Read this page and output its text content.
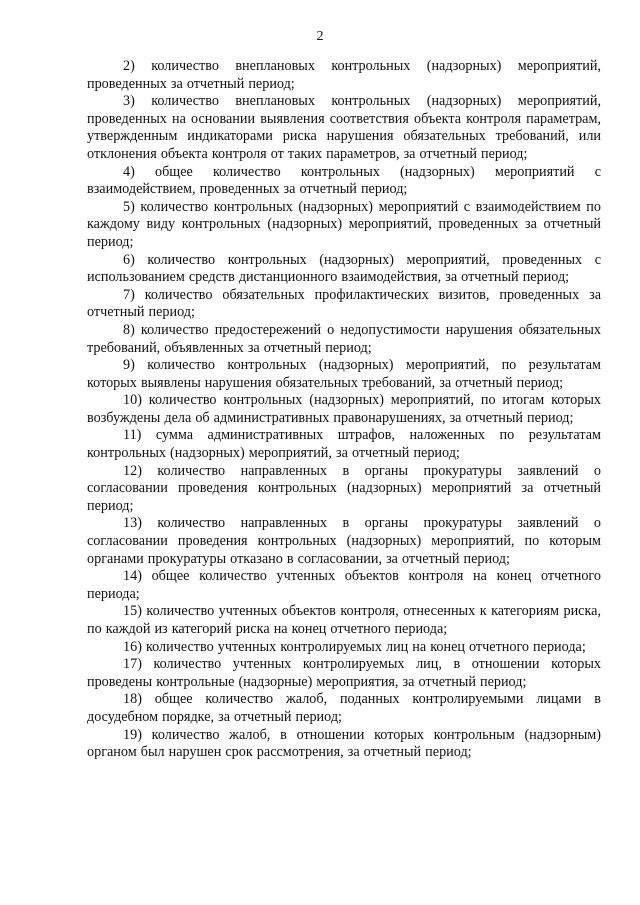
2

2) количество внеплановых контрольных (надзорных) мероприятий, проведенных за отчетный период;

3) количество внеплановых контрольных (надзорных) мероприятий, проведенных на основании выявления соответствия объекта контроля параметрам, утвержденным индикаторами риска нарушения обязательных требований, или отклонения объекта контроля от таких параметров, за отчетный период;

4) общее количество контрольных (надзорных) мероприятий с взаимодействием, проведенных за отчетный период;

5) количество контрольных (надзорных) мероприятий с взаимодействием по каждому виду контрольных (надзорных) мероприятий, проведенных за отчетный период;

6) количество контрольных (надзорных) мероприятий, проведенных с использованием средств дистанционного взаимодействия, за отчетный период;

7) количество обязательных профилактических визитов, проведенных за отчетный период;

8) количество предостережений о недопустимости нарушения обязательных требований, объявленных за отчетный период;

9) количество контрольных (надзорных) мероприятий, по результатам которых выявлены нарушения обязательных требований, за отчетный период;

10) количество контрольных (надзорных) мероприятий, по итогам которых возбуждены дела об административных правонарушениях, за отчетный период;

11) сумма административных штрафов, наложенных по результатам контрольных (надзорных) мероприятий, за отчетный период;

12) количество направленных в органы прокуратуры заявлений о согласовании проведения контрольных (надзорных) мероприятий за отчетный период;

13) количество направленных в органы прокуратуры заявлений о согласовании проведения контрольных (надзорных) мероприятий, по которым органами прокуратуры отказано в согласовании, за отчетный период;

14) общее количество учтенных объектов контроля на конец отчетного периода;

15) количество учтенных объектов контроля, отнесенных к категориям риска, по каждой из категорий риска на конец отчетного периода;

16) количество учтенных контролируемых лиц на конец отчетного периода;

17) количество учтенных контролируемых лиц, в отношении которых проведены контрольные (надзорные) мероприятия, за отчетный период;

18) общее количество жалоб, поданных контролируемыми лицами в досудебном порядке, за отчетный период;

19) количество жалоб, в отношении которых контрольным (надзорным) органом был нарушен срок рассмотрения, за отчетный период;
